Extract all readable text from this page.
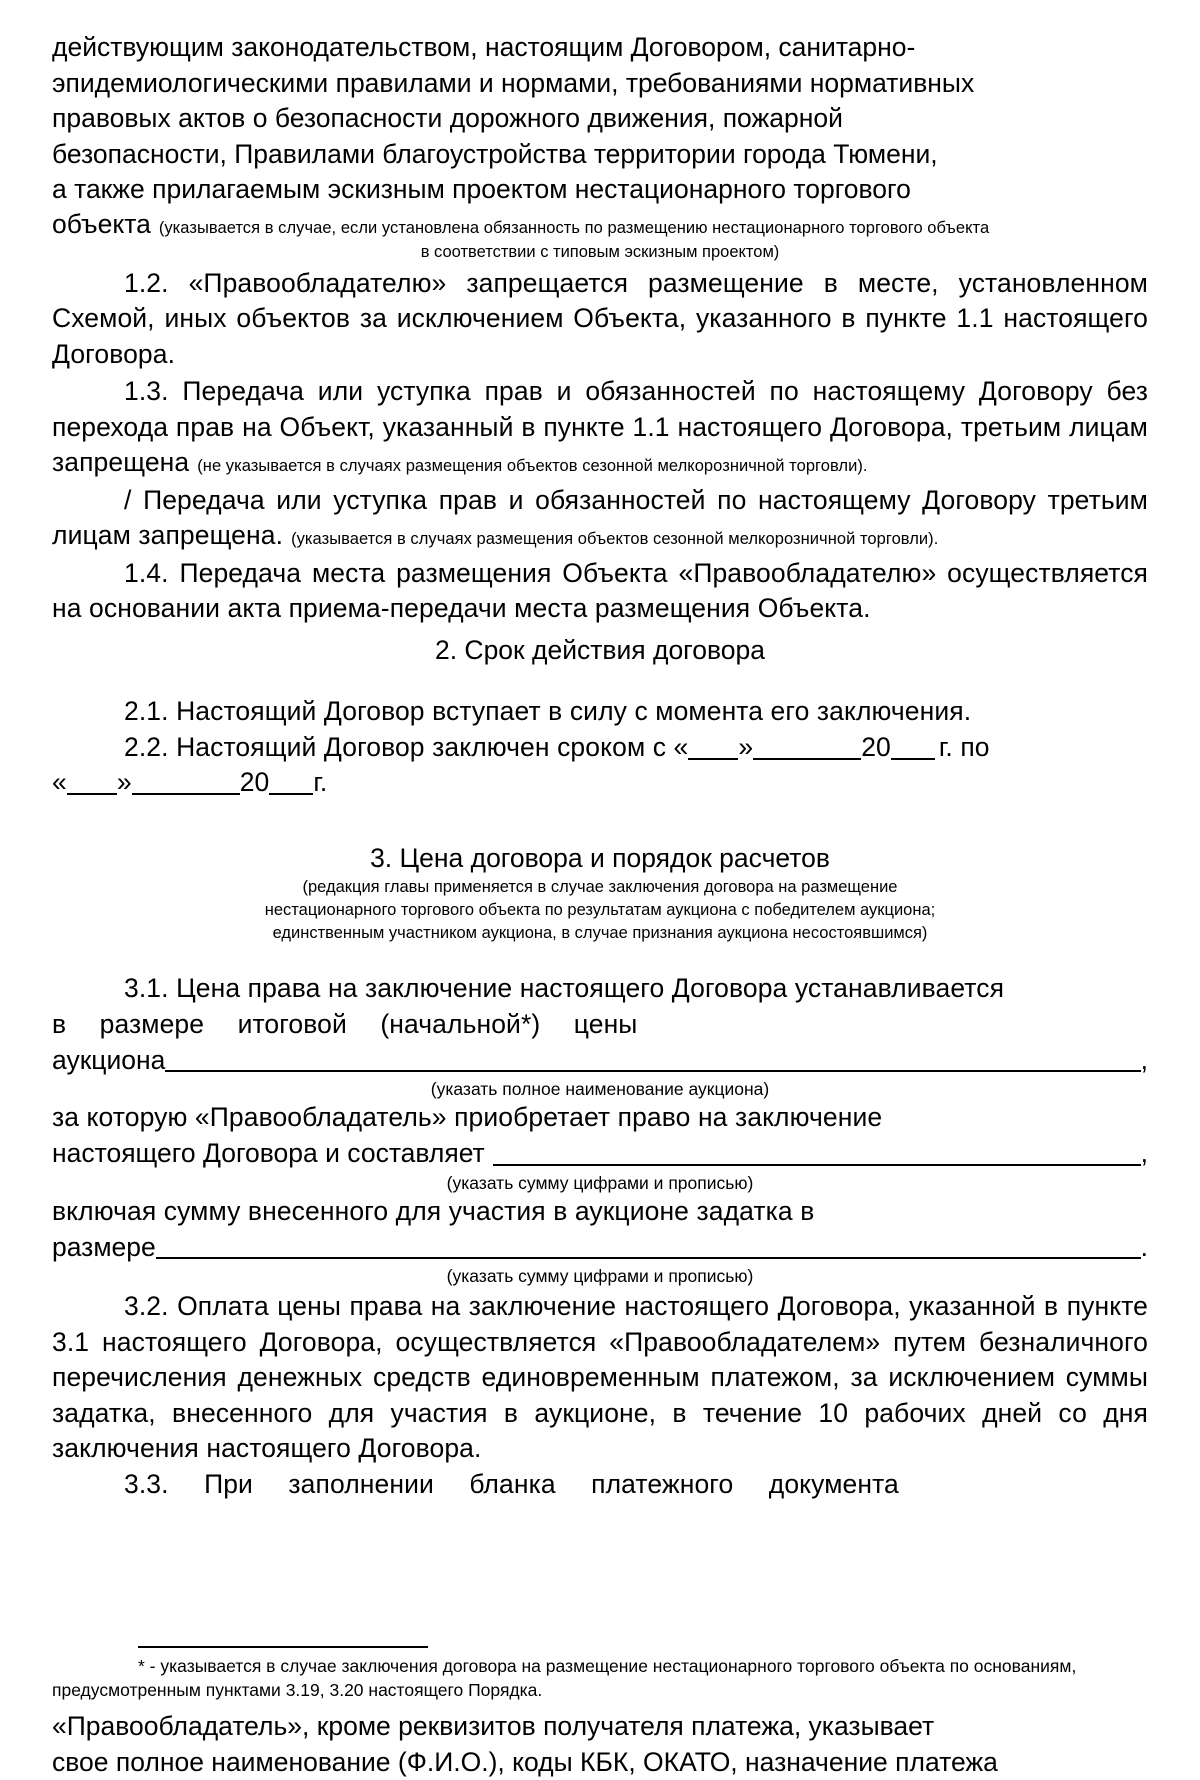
действующим законодательством, настоящим Договором, санитарно-
эпидемиологическими правилами и нормами, требованиями нормативных
правовых актов о безопасности дорожного движения, пожарной
безопасности, Правилами благоустройства территории города Тюмени,
а также прилагаемым эскизным проектом нестационарного торгового
объекта (указывается в случае, если установлена обязанность по размещению нестационарного торгового объекта
в соответствии с типовым эскизным проектом)
1.2. «Правообладателю» запрещается размещение в месте, установленном Схемой, иных объектов за исключением Объекта, указанного в пункте 1.1 настоящего Договора.
1.3. Передача или уступка прав и обязанностей по настоящему Договору без перехода прав на Объект, указанный в пункте 1.1 настоящего Договора, третьим лицам запрещена (не указывается в случаях размещения объектов сезонной мелкорозничной торговли).
/ Передача или уступка прав и обязанностей по настоящему Договору третьим лицам запрещена. (указывается в случаях размещения объектов сезонной мелкорозничной торговли).
1.4. Передача места размещения Объекта «Правообладателю» осуществляется на основании акта приема-передачи места размещения Объекта.
2. Срок действия договора
2.1. Настоящий Договор вступает в силу с момента его заключения.
2.2. Настоящий Договор заключен сроком с « »	20 г. по
« »	20 г.
3. Цена договора и порядок расчетов
(редакция главы применяется в случае заключения договора на размещение
нестационарного торгового объекта по результатам аукциона с победителем аукциона;
единственным участником аукциона, в случае признания аукциона несостоявшимся)
3.1. Цена права на заключение настоящего Договора устанавливается
в размере итоговой (начальной*) цены
аукциона	,
(указать полное наименование аукциона)
за которую «Правообладатель» приобретает право на заключение
настоящего Договора и составляет	,
(указать сумму цифрами и прописью)
включая сумму внесенного для участия в аукционе задатка в
размере	.
(указать сумму цифрами и прописью)
3.2. Оплата цены права на заключение настоящего Договора, указанной в пункте 3.1 настоящего Договора, осуществляется «Правообладателем» путем безналичного перечисления денежных средств единовременным платежом, за исключением суммы задатка, внесенного для участия в аукционе, в течение 10 рабочих дней со дня заключения настоящего Договора.
3.3. При заполнении бланка платежного документа
* - указывается в случае заключения договора на размещение нестационарного торгового объекта по основаниям,
предусмотренным пунктами 3.19, 3.20 настоящего Порядка.
«Правообладатель», кроме реквизитов получателя платежа, указывает
свое полное наименование (Ф.И.О.), коды КБК, ОКАТО, назначение платежа
